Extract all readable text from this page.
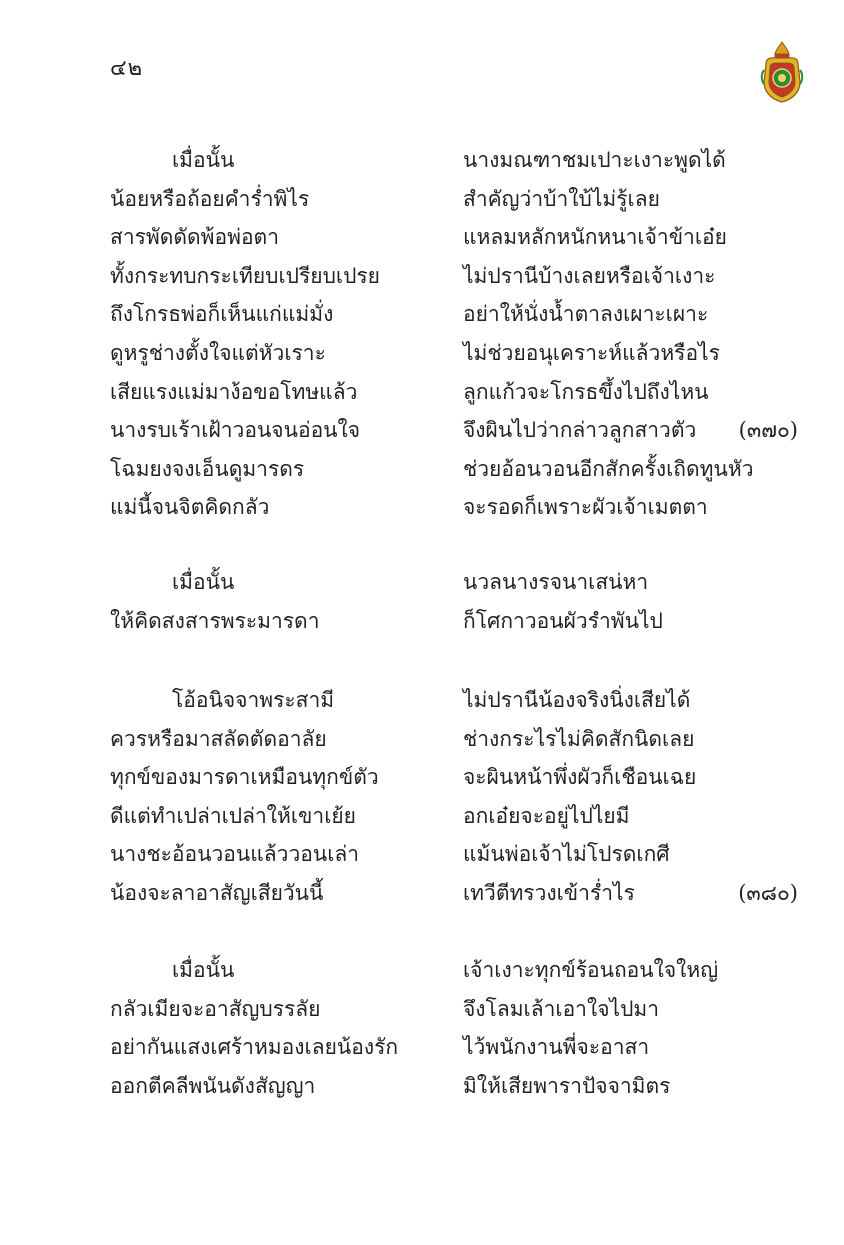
๔๒
เมื่อนั้น	นางมณฑาชมเปาะเงาะพูดได้
น้อยหรือถ้อยคำร่ำพิไร	สำคัญว่าบ้าใบ้ไม่รู้เลย
สารพัดดัดพ้อพ่อตา	แหลมหลักหนักหนาเจ้าข้าเอ๋ย
ทั้งกระทบกระเทียบเปรียบเปรย	ไม่ปรานีบ้างเลยหรือเจ้าเงาะ
ถึงโกรธพ่อก็เห็นแก่แม่มั่ง	อย่าให้นั่งน้ำตาลงเผาะเผาะ
ดูหรูช่างตั้งใจแต่หัวเราะ	ไม่ช่วยอนุเคราะห์แล้วหรือไร
เสียแรงแม่มาง้อขอโทษแล้ว	ลูกแก้วจะโกรธขึ้งไปถึงไหน
นางรบเร้าเฝ้าวอนจนอ่อนใจ	จึงผินไปว่ากล่าวลูกสาวตัว (๓๗๐)
โฉมยงจงเอ็นดูมารดร	ช่วยอ้อนวอนอีกสักครั้งเถิดทูนหัว
แม่นี้จนจิตคิดกลัว	จะรอดก็เพราะผัวเจ้าเมตตา
เมื่อนั้น	นวลนางรจนาเสน่หา
ให้คิดสงสารพระมารดา	ก็โศกาวอนผัวรำพันไป
โอ้อนิจจาพระสามี	ไม่ปรานีน้องจริงนิ่งเสียได้
ควรหรือมาสลัดตัดอาลัย	ช่างกระไรไม่คิดสักนิดเลย
ทุกข์ของมารดาเหมือนทุกข์ตัว	จะผินหน้าพึ่งผัวก็เชือนเฉย
ดีแต่ทำเปล่าเปล่าให้เขาเย้ย	อกเอ๋ยจะอยู่ไปไยมี
นางชะอ้อนวอนแล้ววอนเล่า	แม้นพ่อเจ้าไม่โปรดเกศี
น้องจะลาอาสัญเสียวันนี้	เทวีตีทรวงเข้าร่ำไร	(๓๘๐)
เมื่อนั้น	เจ้าเงาะทุกข์ร้อนถอนใจใหญ่
กลัวเมียจะอาสัญบรรลัย	จึงโลมเล้าเอาใจไปมา
อย่ากันแสงเศร้าหมองเลยน้องรัก	ไว้พนักงานพี่จะอาสา
ออกตีคลีพนันดังสัญญา	มิให้เสียพาราปัจจามิตร
